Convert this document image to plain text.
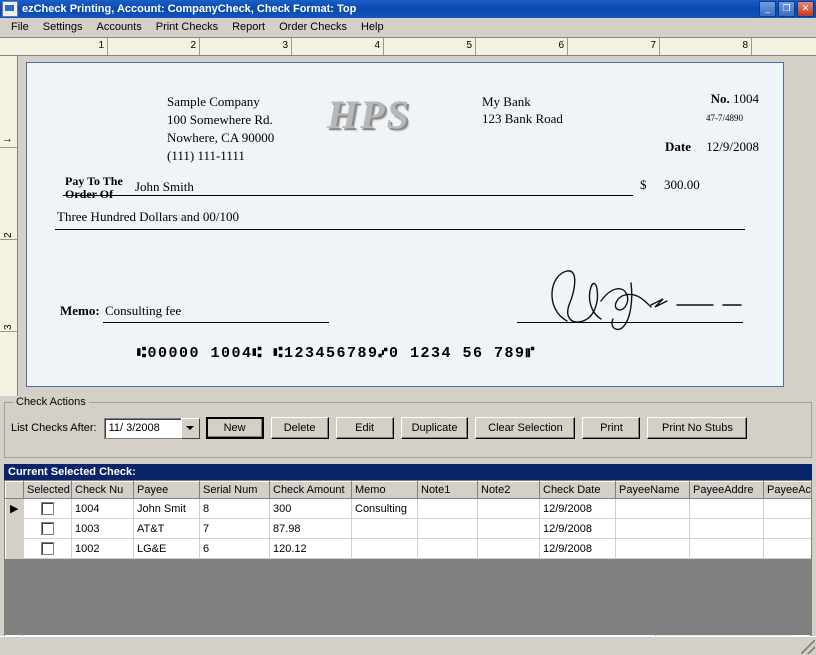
ezCheck Printing, Account: CompanyCheck, Check Format: Top	_	❐	✕
File	Settings	Accounts	Print Checks	Report	Order Checks	Help
1	2	3	4	5	6	7	8
→
2
3
Sample Company
100 Somewhere Rd.
Nowhere, CA 90000
(111) 111-1111
HPS	My Bank
123 Bank Road
No. 1004
47-7/4890
Date 12/9/2008
Pay To The
Order Of	John Smith	$ 300.00
Three Hundred Dollars and 00/100
Memo: Consulting fee
⑆00000 1004⑆ ⑆123456789⑇0 1234 56 789⑈
Check Actions
List Checks After:	11/ 3/2008	New	Delete	Edit	Duplicate	Clear Selection	Print	Print No Stubs
Current Selected Check:
	Selected	Check Nu	Payee	Serial Num	Check Amount	Memo	Note1	Note2	Check Date	PayeeName	PayeeAddre	PayeeAc
▶		1004	John Smit	8	300	Consulting			12/9/2008			
		1003	AT&T	7	87.98				12/9/2008			
		1002	LG&E	6	120.12				12/9/2008			
